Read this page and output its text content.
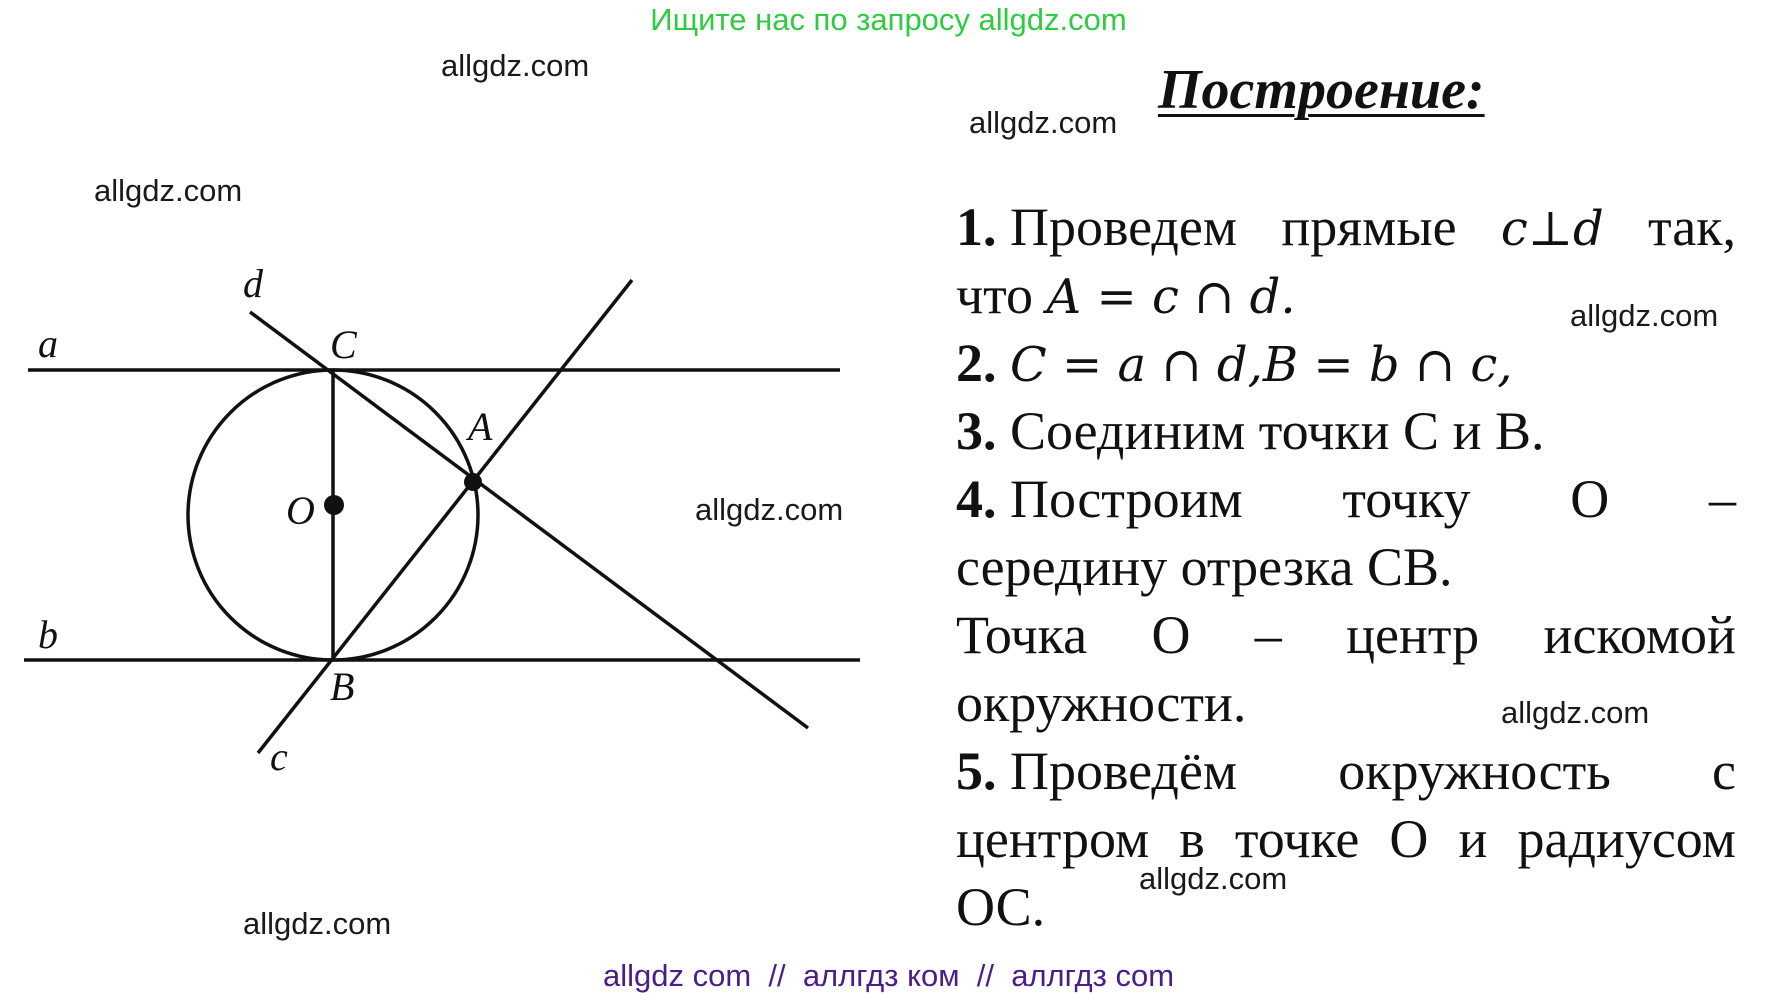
Ищите нас по запросу allgdz.com
a
b
d
c
C
A
O
B
allgdz.com
allgdz.com
allgdz.com
allgdz.com
allgdz.com
allgdz.com
allgdz.com
allgdz.com
Построение:
1. Проведем прямые c⊥d так,
что A = c ∩ d.
2. C = a ∩ d,B = b ∩ c,
3. Соединим точки С и В.
4. Построим точку О –
середину отрезка СВ.
Точка О – центр искомой
окружности.
5. Проведём окружность с
центром в точке О и радиусом
ОС.
allgdz com  //  аллгдз ком  //  аллгдз com
